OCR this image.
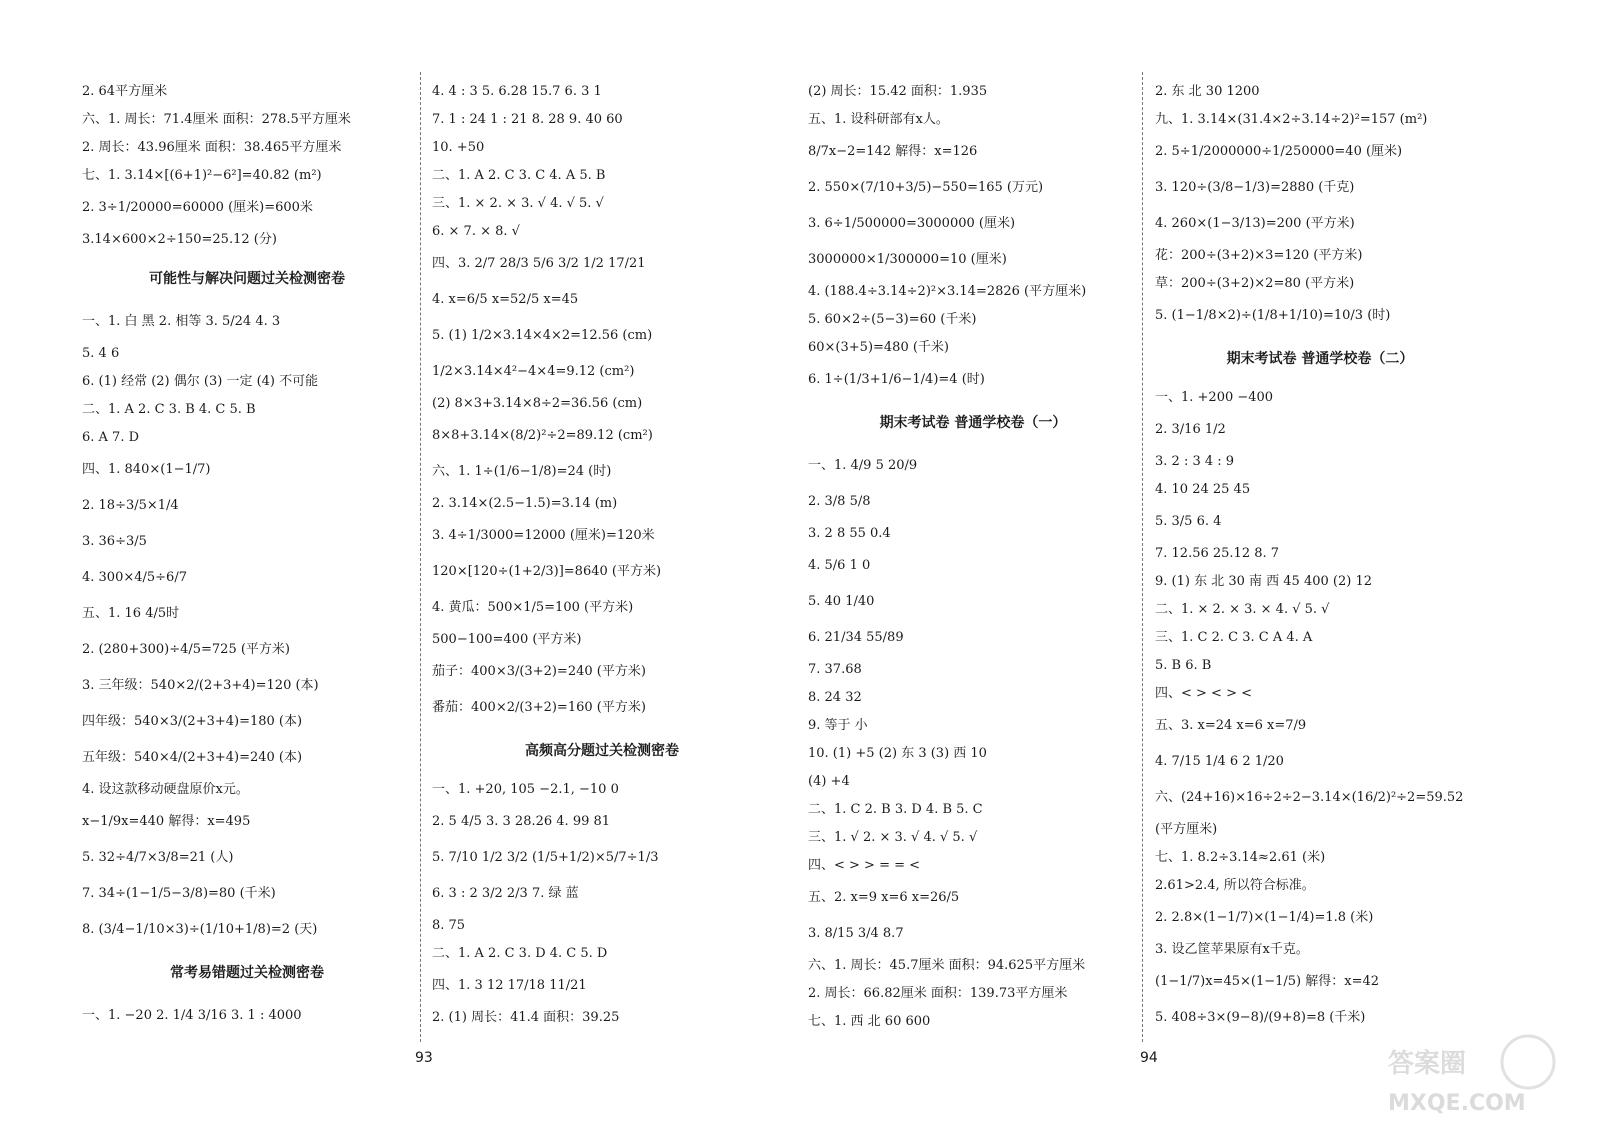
2. 64平方厘米
六、1. 周长：71.4厘米 面积：278.5平方厘米
2. 周长：43.96厘米 面积：38.465平方厘米
七、1. 3.14×[(6+1)²−6²]=40.82 (m²)
2. 3÷1/20000=60000 (厘米)=600米
3.14×600×2÷150=25.12 (分)
可能性与解决问题过关检测密卷
一、1. 白 黑 2. 相等 3. 5/24 4. 3
5. 4 6
6. (1) 经常 (2) 偶尔 (3) 一定 (4) 不可能
二、1. A 2. C 3. B 4. C 5. B
6. A 7. D
四、1. 840×(1−1/7)
2. 18÷3/5×1/4
3. 36÷3/5
4. 300×4/5÷6/7
五、1. 16 4/5时
2. (280+300)÷4/5=725 (平方米)
3. 三年级：540×2/(2+3+4)=120 (本)
四年级：540×3/(2+3+4)=180 (本)
五年级：540×4/(2+3+4)=240 (本)
4. 设这款移动硬盘原价x元。
x−1/9x=440 解得：x=495
5. 32÷4/7×3/8=21 (人)
7. 34÷(1−1/5−3/8)=80 (千米)
8. (3/4−1/10×3)÷(1/10+1/8)=2 (天)
常考易错题过关检测密卷
一、1. −20 2. 1/4 3/16 3. 1 : 4000
4. 4 : 3 5. 6.28 15.7 6. 3 1
7. 1 : 24 1 : 21 8. 28 9. 40 60
10. +50
二、1. A 2. C 3. C 4. A 5. B
三、1. × 2. × 3. √ 4. √ 5. √
6. × 7. × 8. √
四、3. 2/7 28/3 5/6 3/2 1/2 17/21
4. x=6/5 x=52/5 x=45
5. (1) 1/2×3.14×4×2=12.56 (cm)
1/2×3.14×4²−4×4=9.12 (cm²)
(2) 8×3+3.14×8÷2=36.56 (cm)
8×8+3.14×(8/2)²÷2=89.12 (cm²)
六、1. 1÷(1/6−1/8)=24 (时)
2. 3.14×(2.5−1.5)=3.14 (m)
3. 4÷1/3000=12000 (厘米)=120米
120×[120÷(1+2/3)]=8640 (平方米)
4. 黄瓜：500×1/5=100 (平方米)
500−100=400 (平方米)
茄子：400×3/(3+2)=240 (平方米)
番茄：400×2/(3+2)=160 (平方米)
高频高分题过关检测密卷
一、1. +20, 105 −2.1, −10 0
2. 5 4/5 3. 3 28.26 4. 99 81
5. 7/10 1/2 3/2 (1/5+1/2)×5/7÷1/3
6. 3 : 2 3/2 2/3 7. 绿 蓝
8. 75
二、1. A 2. C 3. D 4. C 5. D
四、1. 3 12 17/18 11/21
2. (1) 周长：41.4 面积：39.25
(2) 周长：15.42 面积：1.935
五、1. 设科研部有x人。
8/7x−2=142 解得：x=126
2. 550×(7/10+3/5)−550=165 (万元)
3. 6÷1/500000=3000000 (厘米)
3000000×1/300000=10 (厘米)
4. (188.4÷3.14÷2)²×3.14=2826 (平方厘米)
5. 60×2÷(5−3)=60 (千米)
60×(3+5)=480 (千米)
6. 1÷(1/3+1/6−1/4)=4 (时)
期末考试卷 普通学校卷（一）
一、1. 4/9 5 20/9
2. 3/8 5/8
3. 2 8 55 0.4
4. 5/6 1 0
5. 40 1/40
6. 21/34 55/89
7. 37.68
8. 24 32
9. 等于 小
10. (1) +5 (2) 东 3 (3) 西 10
(4) +4
二、1. C 2. B 3. D 4. B 5. C
三、1. √ 2. × 3. √ 4. √ 5. √
四、< > > = = <
五、2. x=9 x=6 x=26/5
3. 8/15 3/4 8.7
六、1. 周长：45.7厘米 面积：94.625平方厘米
2. 周长：66.82厘米 面积：139.73平方厘米
七、1. 西 北 60 600
2. 东 北 30 1200
九、1. 3.14×(31.4×2÷3.14÷2)²=157 (m²)
2. 5÷1/2000000÷1/250000=40 (厘米)
3. 120÷(3/8−1/3)=2880 (千克)
4. 260×(1−3/13)=200 (平方米)
花：200÷(3+2)×3=120 (平方米)
草：200÷(3+2)×2=80 (平方米)
5. (1−1/8×2)÷(1/8+1/10)=10/3 (时)
期末考试卷 普通学校卷（二）
一、1. +200 −400
2. 3/16 1/2
3. 2 : 3 4 : 9
4. 10 24 25 45
5. 3/5 6. 4
7. 12.56 25.12 8. 7
9. (1) 东 北 30 南 西 45 400 (2) 12
二、1. × 2. × 3. × 4. √ 5. √
三、1. C 2. C 3. C A 4. A
5. B 6. B
四、< > < > <
五、3. x=24 x=6 x=7/9
4. 7/15 1/4 6 2 1/20
六、(24+16)×16÷2÷2−3.14×(16/2)²÷2=59.52
(平方厘米)
七、1. 8.2÷3.14≈2.61 (米)
2.61>2.4, 所以符合标准。
2. 2.8×(1−1/7)×(1−1/4)=1.8 (米)
3. 设乙筐苹果原有x千克。
(1−1/7)x=45×(1−1/5) 解得：x=42
5. 408÷3×(9−8)/(9+8)=8 (千米)
93	94	答案圈
MXQE.COM
